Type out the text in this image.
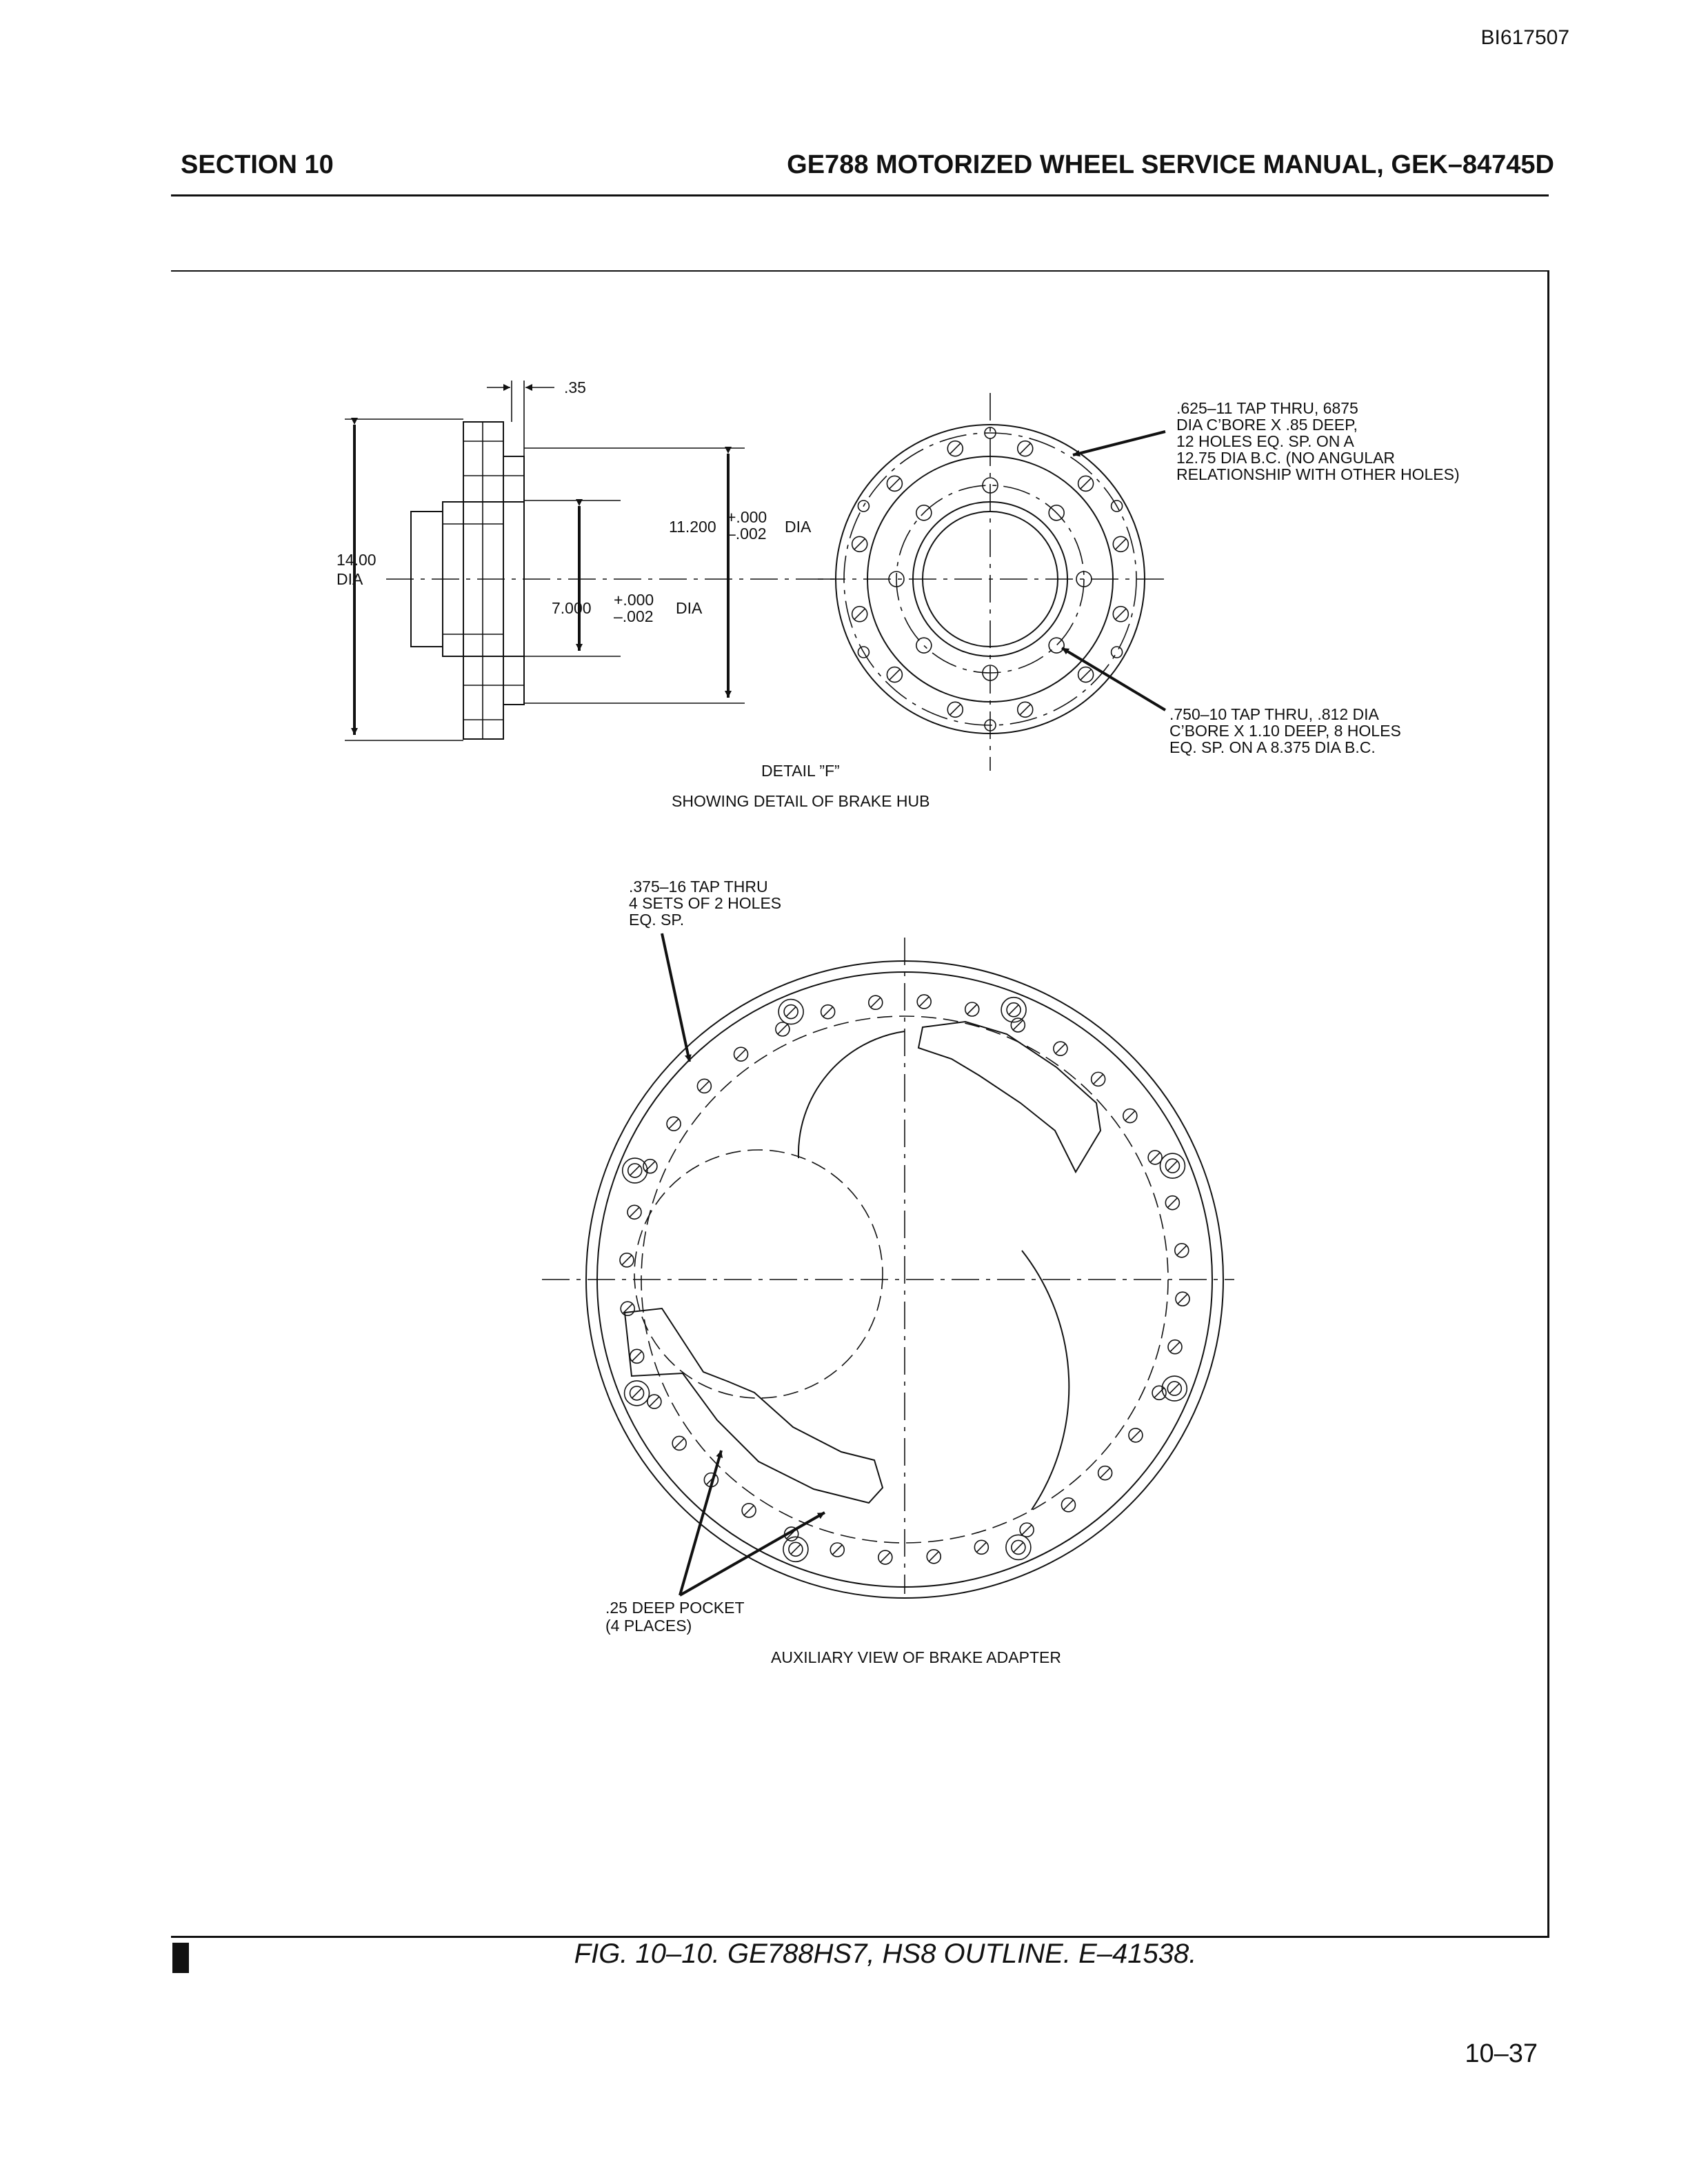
BI617507
SECTION 10	GE788 MOTORIZED WHEEL SERVICE MANUAL, GEK–84745D
.35
14.00
DIA
11.200
+.000
–.002 DIA
7.000 +.000
–.002 DIA
.625–11 TAP THRU, 6875
DIA C’BORE X .85 DEEP,
12 HOLES EQ. SP. ON A
12.75 DIA B.C. (NO ANGULAR
RELATIONSHIP WITH OTHER HOLES)
.750–10 TAP THRU, .812 DIA
C’BORE X 1.10 DEEP, 8 HOLES
EQ. SP. ON A 8.375 DIA B.C.
DETAIL ”F”
SHOWING DETAIL OF BRAKE HUB
.375–16 TAP THRU
4 SETS OF 2 HOLES
EQ. SP.
.25 DEEP POCKET
(4 PLACES)
AUXILIARY VIEW OF BRAKE ADAPTER
FIG. 10–10. GE788HS7, HS8 OUTLINE. E–41538.
10–37
